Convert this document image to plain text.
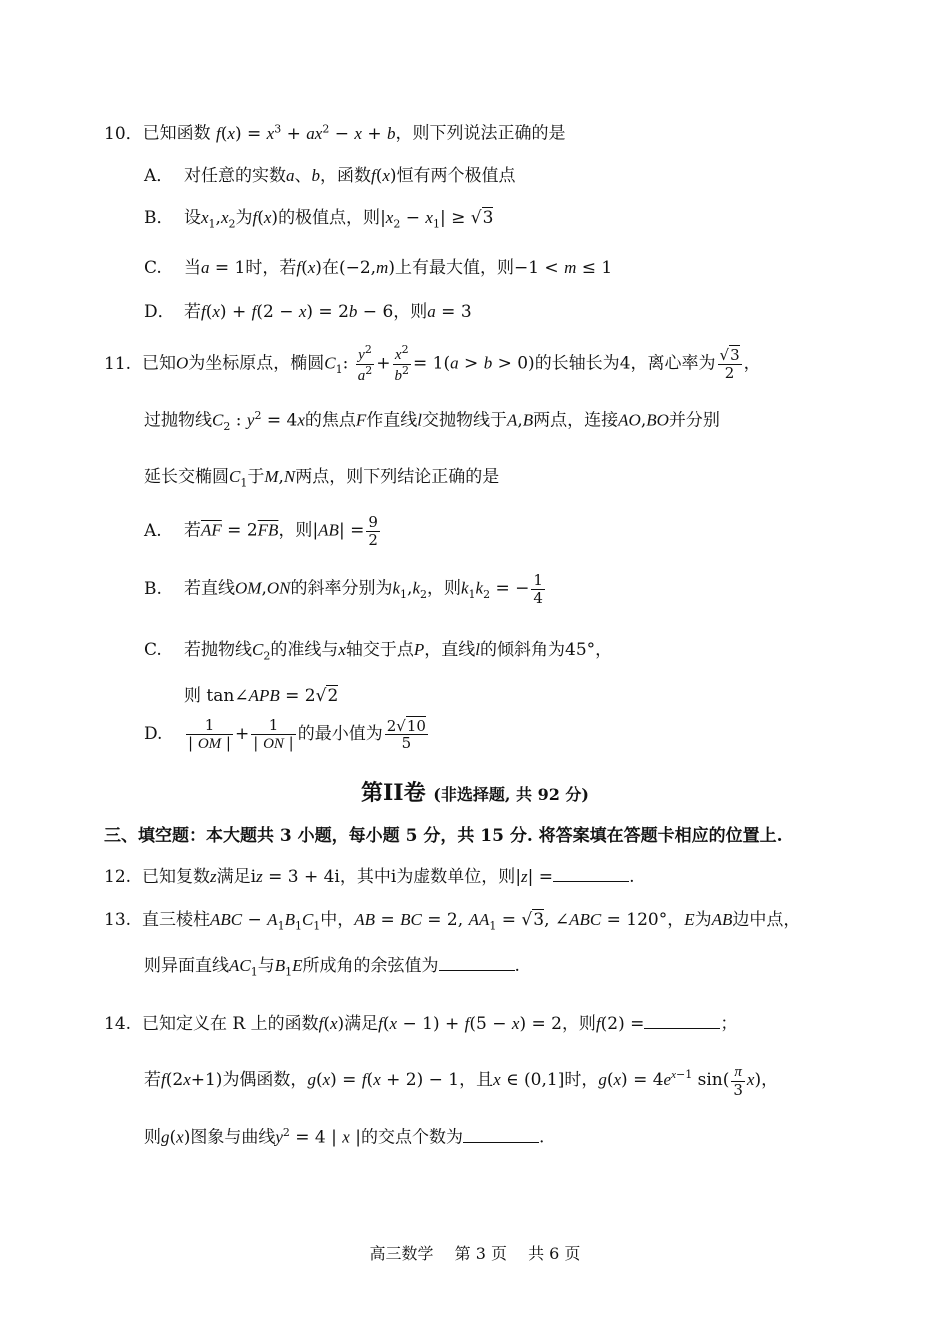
10．已知函数 $f(x) = x^3 + ax^2 - x + b$，则下列说法正确的是
A． 对任意的实数a、b，函数f(x)恒有两个极值点
B． 设$x_1,x_2$为f(x)的极值点，则$|x_2 - x_1| \ge √3$
C. 当a = 1时，若f(x)在(−2,m)上有最大值，则−1 < m ≤ 1
D． 若f(x) + f(2 − x) = 2b − 6，则a = 3
11. 已知O为坐标原点，椭圆$C_1$: $\frac{y^2}{a^2} + \frac{x^2}{b^2} = 1(a > b > 0)$的长轴长为4，离心率为 $\frac{√3}{2}$ ，
过抛物线$C_2$ : $y^2 = 4x$的焦点F作直线l交抛物线于A,B两点，连接AO,BO并分别
延长交椭圆$C_1$于M,N两点，则下列结论正确的是
A. 若$\overline{AF} = 2\overline{FB}$，则$|AB| = \frac{9}{2}$
B. 若直线OM,ON的斜率分别为$k_1,k_2$，则$k_1k_2$ = − $\frac{1}{4}$
C. 若抛物线$C_2$的准线与x轴交于点P，直线l的倾斜角为45°，
则 tan∠APB = 2√2
D. $\frac{1}{| OM |} + \frac{1}{| ON |}$ 的最小值为 $\frac{2√10}{5}$
第II卷 (非选择题, 共 92 分)
三、填空题：本大题共 3 小题，每小题 5 分，共 15 分. 将答案填在答题卡相应的位置上.
12. 已知复数z满足iz = 3 + 4i，其中i为虚数单位，则|z| =	.
13. 直三棱柱ABC − $A_1B_1C_1$中，AB = BC = 2, $AA_1 = √3$, ∠ABC = 120°，E为AB边中点，
则异面直线$AC_1$与$B_1E$所成角的余弦值为	.
14. 已知定义在 R 上的函数f(x)满足f(x − 1) + f(5 − x) = 2，则f(2) =	；
若f(2x+1)为偶函数，g(x) = f(x + 2) − 1，且x ∈ (0,1]时，$g(x) = 4e^{x-1}$ $\sin( \frac{\pi}{3} x)$，
则g(x)图象与曲线$y^2 = 4$ | x |的交点个数为	.
高三数学　 第 3 页　 共 6 页
